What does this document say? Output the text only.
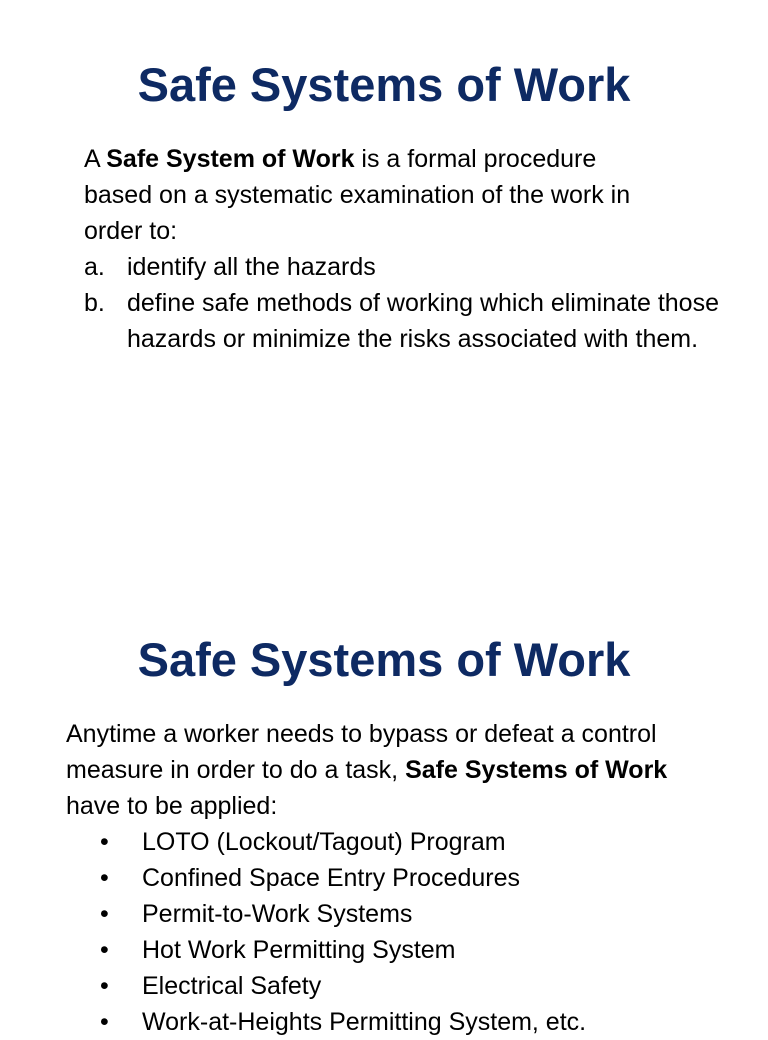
Safe Systems of Work
A Safe System of Work is a formal procedure
based on a systematic examination of the work in
order to:
a. identify all the hazards
b. define safe methods of working which eliminate those hazards or minimize the risks associated with them.
Safe Systems of Work
Anytime a worker needs to bypass or defeat a control
measure in order to do a task, Safe Systems of Work
have to be applied:
• LOTO (Lockout/Tagout) Program
• Confined Space Entry Procedures
• Permit-to-Work Systems
• Hot Work Permitting System
• Electrical Safety
• Work-at-Heights Permitting System, etc.
